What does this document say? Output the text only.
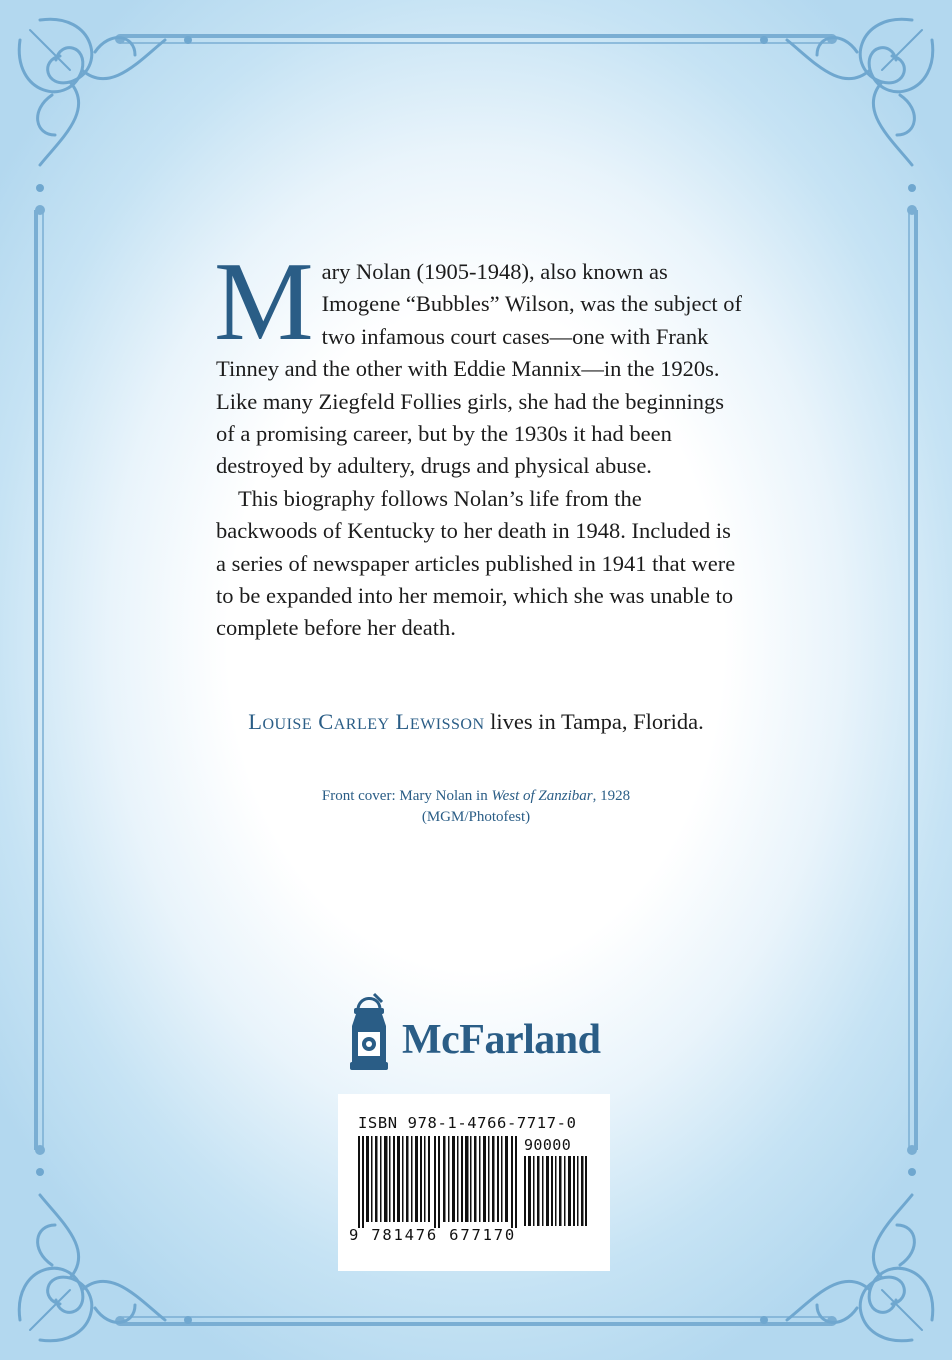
Mary Nolan (1905-1948), also known as Imogene “Bubbles” Wilson, was the subject of two infamous court cases—one with Frank Tinney and the other with Eddie Mannix—in the 1920s. Like many Ziegfeld Follies girls, she had the beginnings of a promising career, but by the 1930s it had been destroyed by adultery, drugs and physical abuse.

This biography follows Nolan’s life from the backwoods of Kentucky to her death in 1948. Included is a series of newspaper articles published in 1941 that were to be expanded into her memoir, which she was unable to complete before her death.

Louise Carley Lewisson lives in Tampa, Florida.
Front cover: Mary Nolan in West of Zanzibar, 1928
(MGM/Photofest)
McFarland
ISBN 978-1-4766-7717-0
90000
9 781476 677170
